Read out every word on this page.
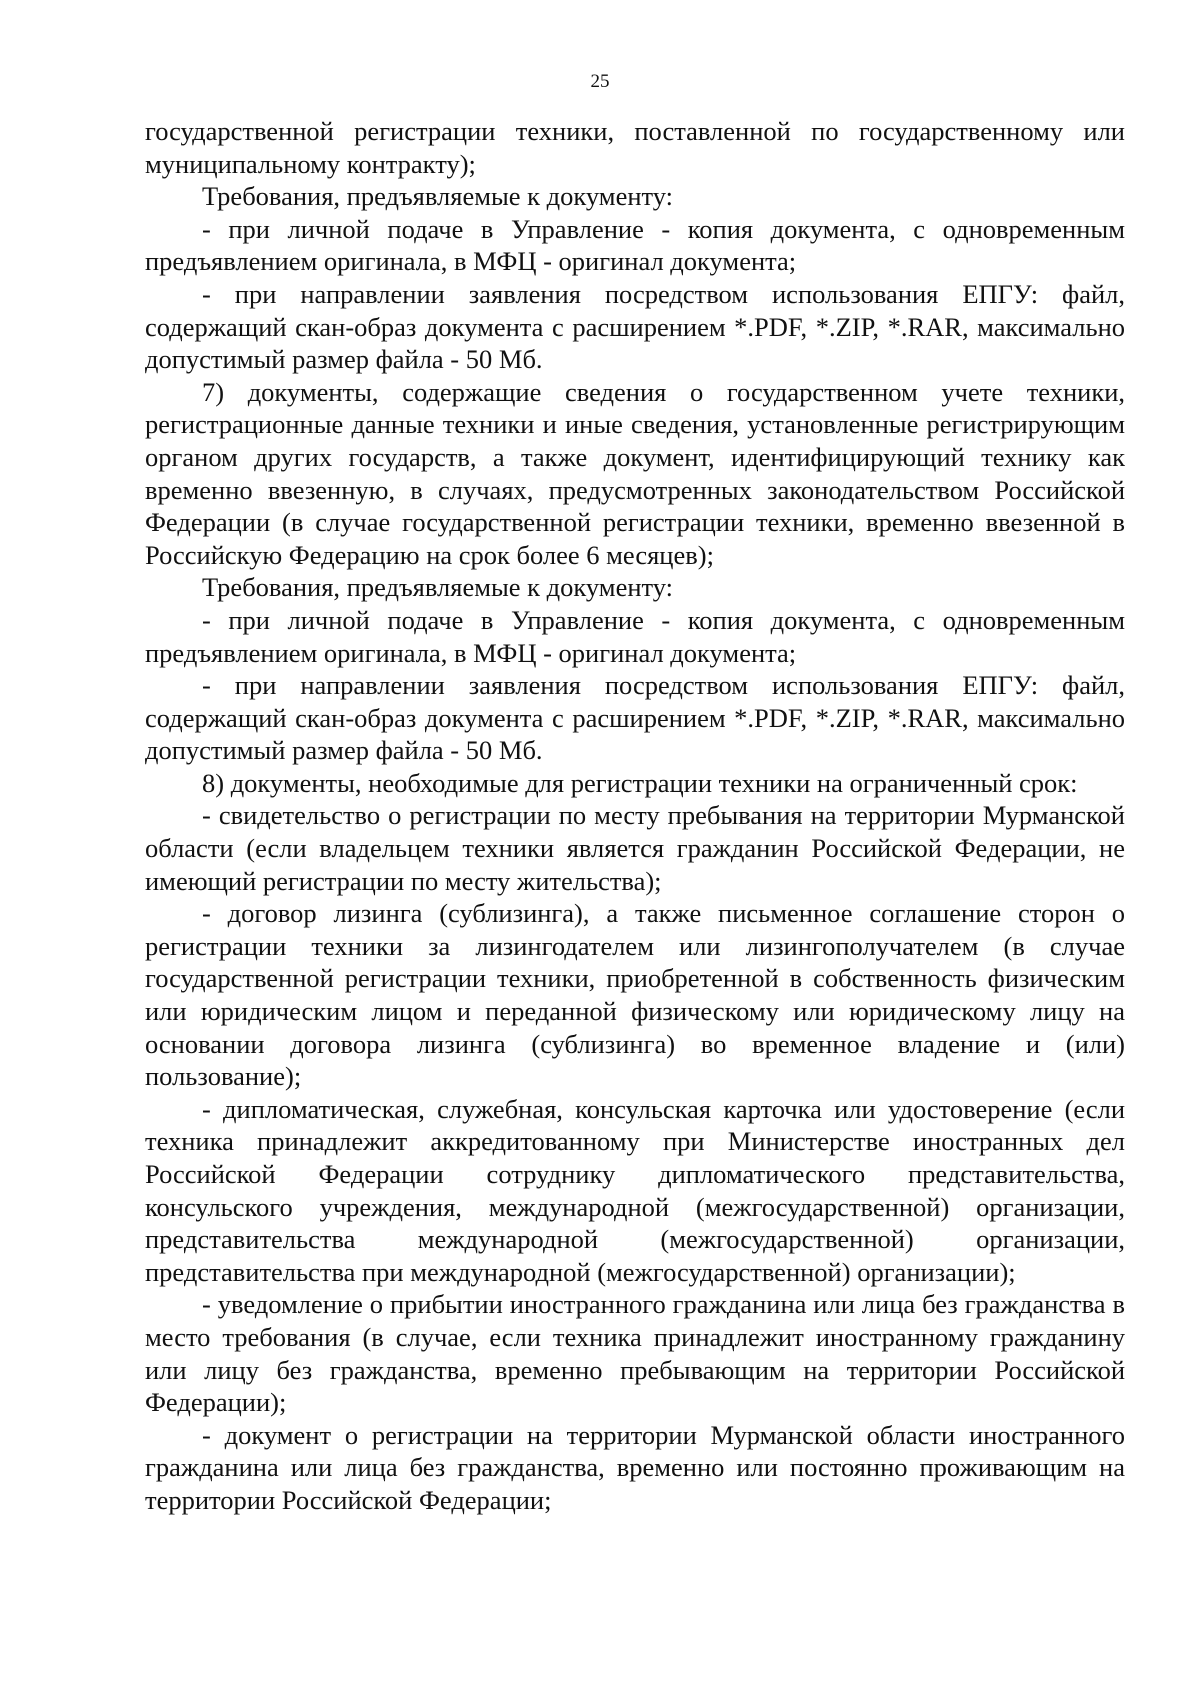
25

государственной регистрации техники, поставленной по государственному или муниципальному контракту);

Требования, предъявляемые к документу:

- при личной подаче в Управление - копия документа, с одновременным предъявлением оригинала, в МФЦ - оригинал документа;

- при направлении заявления посредством использования ЕПГУ: файл, содержащий скан-образ документа с расширением *.PDF, *.ZIP, *.RAR, максимально допустимый размер файла - 50 Мб.

7) документы, содержащие сведения о государственном учете техники, регистрационные данные техники и иные сведения, установленные регистрирующим органом других государств, а также документ, идентифицирующий технику как временно ввезенную, в случаях, предусмотренных законодательством Российской Федерации (в случае государственной регистрации техники, временно ввезенной в Российскую Федерацию на срок более 6 месяцев);

Требования, предъявляемые к документу:

- при личной подаче в Управление - копия документа, с одновременным предъявлением оригинала, в МФЦ - оригинал документа;

- при направлении заявления посредством использования ЕПГУ: файл, содержащий скан-образ документа с расширением *.PDF, *.ZIP, *.RAR, максимально допустимый размер файла - 50 Мб.

8) документы, необходимые для регистрации техники на ограниченный срок:

- свидетельство о регистрации по месту пребывания на территории Мурманской области (если владельцем техники является гражданин Российской Федерации, не имеющий регистрации по месту жительства);

- договор лизинга (сублизинга), а также письменное соглашение сторон о регистрации техники за лизингодателем или лизингополучателем (в случае государственной регистрации техники, приобретенной в собственность физическим или юридическим лицом и переданной физическому или юридическому лицу на основании договора лизинга (сублизинга) во временное владение и (или) пользование);

- дипломатическая, служебная, консульская карточка или удостоверение (если техника принадлежит аккредитованному при Министерстве иностранных дел Российской Федерации сотруднику дипломатического представительства, консульского учреждения, международной (межгосударственной) организации, представительства международной (межгосударственной) организации, представительства при международной (межгосударственной) организации);

- уведомление о прибытии иностранного гражданина или лица без гражданства в место требования (в случае, если техника принадлежит иностранному гражданину или лицу без гражданства, временно пребывающим на территории Российской Федерации);

- документ о регистрации на территории Мурманской области иностранного гражданина или лица без гражданства, временно или постоянно проживающим на территории Российской Федерации;
